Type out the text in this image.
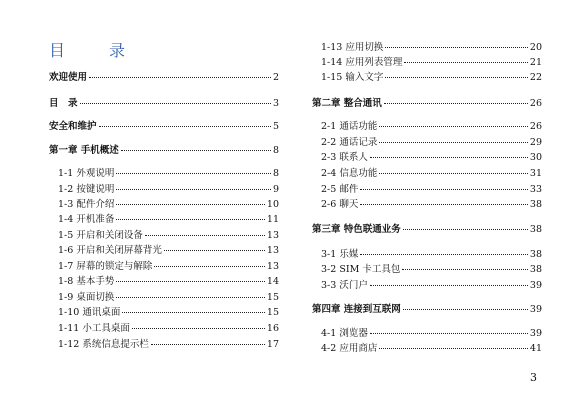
目　录
欢迎使用	2
目　录	3
安全和维护	5
第一章 手机概述	8
1-1 外观说明	8
1-2 按键说明	9
1-3 配件介绍	10
1-4 开机准备	11
1-5 开启和关闭设备	13
1-6 开启和关闭屏幕背光	13
1-7 屏幕的锁定与解除	13
1-8 基本手势	14
1-9 桌面切换	15
1-10 通讯桌面	15
1-11 小工具桌面	16
1-12 系统信息提示栏	17
1-13 应用切换	20
1-14 应用列表管理	21
1-15 输入文字	22
第二章 整合通讯	26
2-1 通话功能	26
2-2 通话记录	29
2-3 联系人	30
2-4 信息功能	31
2-5 邮件	33
2-6 聊天	38
第三章 特色联通业务	38
3-1 乐媒	38
3-2 SIM 卡工具包	38
3-3 沃门户	39
第四章 连接到互联网	39
4-1 浏览器	39
4-2 应用商店	41
3
